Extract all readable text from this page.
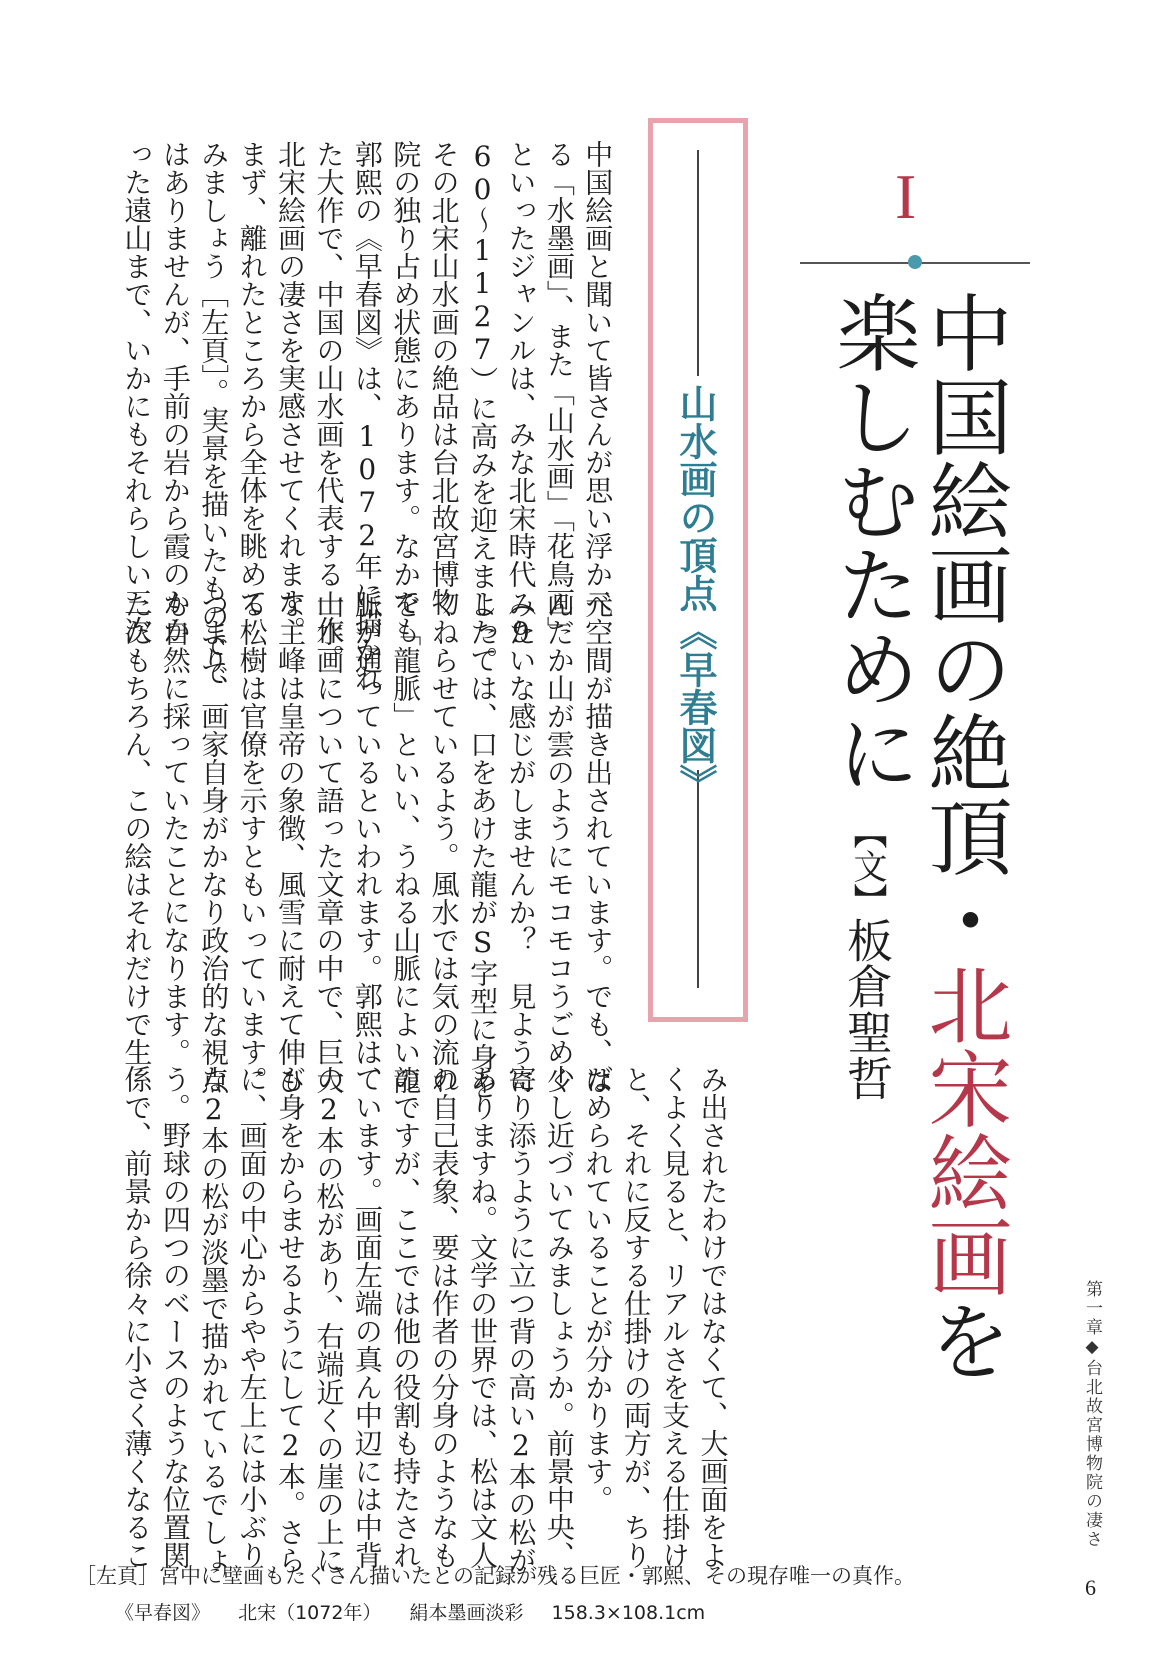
I
中国絵画の絶頂・北宋絵画を
楽しむために
【文】板倉聖哲
山水画の頂点《早春図》
中国絵画と聞いて皆さんが思い浮かべ
る「水墨画」、また「山水画」「花鳥画」
といったジャンルは、みな北宋時代（9
60〜1127）に高みを迎えました。
その北宋山水画の絶品は台北故宮博物
院の独り占め状態にあります。なかでも
郭熙の《早春図》は、1072年に描かれ
た大作で、中国の山水画を代表する一作。
北宋絵画の凄さを実感させてくれます。
まず、離れたところから全体を眺めて
みましょう［左頁］。実景を描いたものでで
はありませんが、手前の岩から霞のかか
った遠山まで、いかにもそれらしい三次
元空間が描き出されています。でも、な
んだか山が雲のようにモコモコうごめく
みたいな感じがしませんか？　見ように
よっては、口をあけた龍がS字型に身を
くねらせているよう。風水では気の流れ
を「龍脈」といい、うねる山脈によい龍
脈が通っているといわれます。郭熙は、
山水画について語った文章の中で、巨大
な主峰は皇帝の象徴、風雪に耐えて伸び
る松樹は官僚を示すともいっています。
つまり、画家自身がかなり政治的な視点
も自然に採っていたことになります。
ただもちろん、この絵はそれだけで生
み出されたわけではなくて、大画面をよ
くよく見ると、リアルさを支える仕掛け
と、それに反する仕掛けの両方が、ちり
ばめられていることが分かります。
少し近づいてみましょうか。前景中央、
寄り添うように立つ背の高い2本の松が
ありますね。文学の世界では、松は文人
の自己表象、要は作者の分身のようなも
のですが、ここでは他の役割も持たされ
ています。画面左端の真ん中辺には中背
の2本の松があり、右端近くの崖の上に
も身をからませるようにして2本。さら
に、画面の中心からやや左上には小ぶり
な2本の松が淡墨で描かれているでしょ
う。野球の四つのベースのような位置関
係で、前景から徐々に小さく薄くなるこ	第一章◆台北故宮博物院の凄さ
6
［左頁］宮中に壁画もたくさん描いたとの記録が残る巨匠・郭熙、その現存唯一の真作。
《早春図》 北宋（1072年） 絹本墨画淡彩 158.3×108.1cm
